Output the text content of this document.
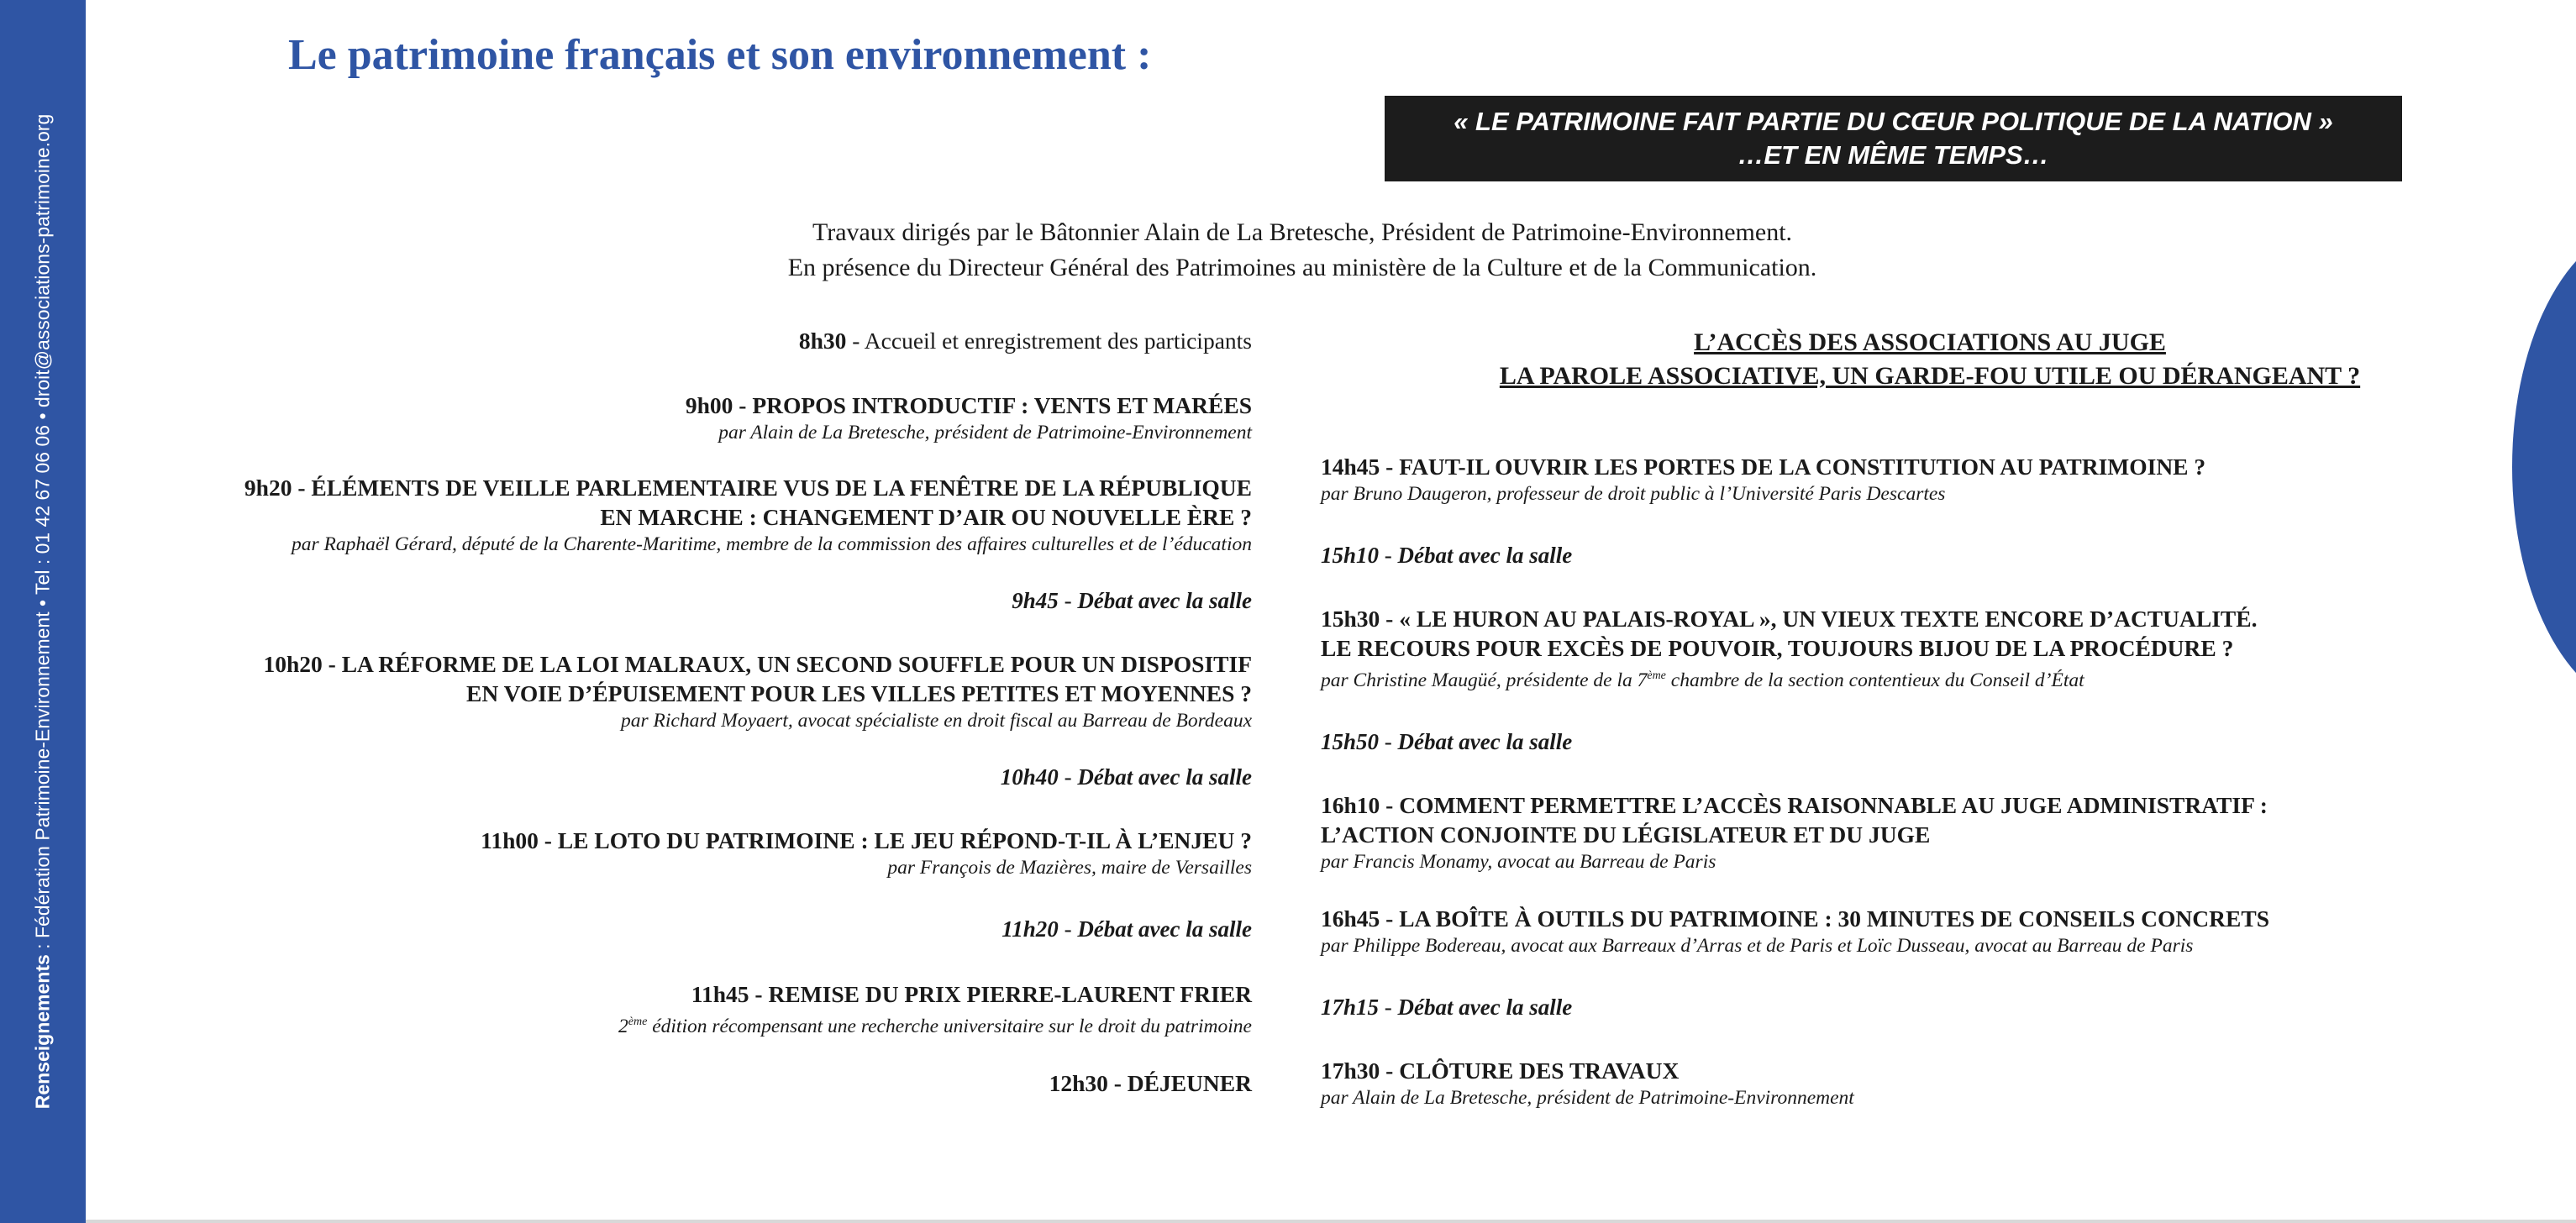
Renseignements : Fédération Patrimoine-Environnement • Tel : 01 42 67 06 06 • droit@associations-patrimoine.org
Le patrimoine français et son environnement :
« LE PATRIMOINE FAIT PARTIE DU CŒUR POLITIQUE DE LA NATION »
…ET EN MÊME TEMPS…
Travaux dirigés par le Bâtonnier Alain de La Bretesche, Président de Patrimoine-Environnement.
En présence du Directeur Général des Patrimoines au ministère de la Culture et de la Communication.
8h30 - Accueil et enregistrement des participants
9h00 - PROPOS INTRODUCTIF : VENTS ET MARÉES
par Alain de La Bretesche, président de Patrimoine-Environnement
9h20 - ÉLÉMENTS DE VEILLE PARLEMENTAIRE VUS DE LA FENÊTRE DE LA RÉPUBLIQUE
EN MARCHE : CHANGEMENT D’AIR OU NOUVELLE ÈRE ?
par Raphaël Gérard, député de la Charente-Maritime, membre de la commission des affaires culturelles et de l’éducation
9h45 - Débat avec la salle
10h20 - LA RÉFORME DE LA LOI MALRAUX, UN SECOND SOUFFLE POUR UN DISPOSITIF
EN VOIE D’ÉPUISEMENT POUR LES VILLES PETITES ET MOYENNES ?
par Richard Moyaert, avocat spécialiste en droit fiscal au Barreau de Bordeaux
10h40 - Débat avec la salle
11h00 - LE LOTO DU PATRIMOINE : LE JEU RÉPOND-T-IL À L’ENJEU ?
par François de Mazières, maire de Versailles
11h20 - Débat avec la salle
11h45 - REMISE DU PRIX PIERRE-LAURENT FRIER
2ème édition récompensant une recherche universitaire sur le droit du patrimoine
12h30 - DÉJEUNER
L’ACCÈS DES ASSOCIATIONS AU JUGE
LA PAROLE ASSOCIATIVE, UN GARDE-FOU UTILE OU DÉRANGEANT ?
14h45 - FAUT-IL OUVRIR LES PORTES DE LA CONSTITUTION AU PATRIMOINE ?
par Bruno Daugeron, professeur de droit public à l’Université Paris Descartes
15h10 - Débat avec la salle
15h30 - « LE HURON AU PALAIS-ROYAL », UN VIEUX TEXTE ENCORE D’ACTUALITÉ.
LE RECOURS POUR EXCÈS DE POUVOIR, TOUJOURS BIJOU DE LA PROCÉDURE ?
par Christine Maugüé, présidente de la 7ème chambre de la section contentieux du Conseil d’État
15h50 - Débat avec la salle
16h10 - COMMENT PERMETTRE L’ACCÈS RAISONNABLE AU JUGE ADMINISTRATIF :
L’ACTION CONJOINTE DU LÉGISLATEUR ET DU JUGE
par Francis Monamy, avocat au Barreau de Paris
16h45 - LA BOÎTE À OUTILS DU PATRIMOINE : 30 MINUTES DE CONSEILS CONCRETS
par Philippe Bodereau, avocat aux Barreaux d’Arras et de Paris et Loïc Dusseau, avocat au Barreau de Paris
17h15 - Débat avec la salle
17h30 - CLÔTURE DES TRAVAUX
par Alain de La Bretesche, président de Patrimoine-Environnement
